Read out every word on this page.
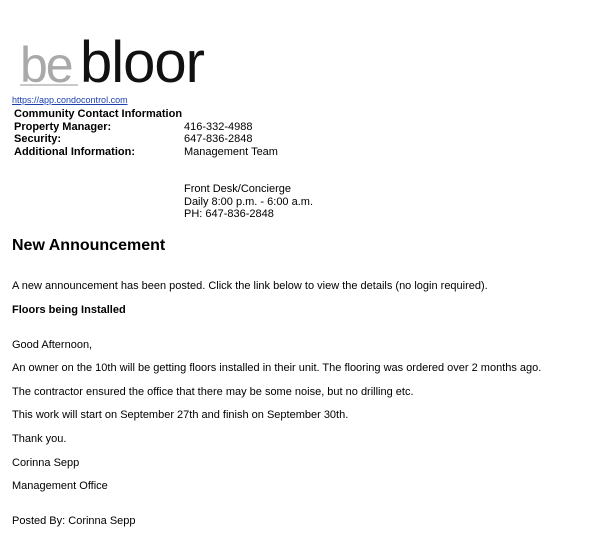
be bloor
https://app.condocontrol.com
Community Contact Information
Property Manager:	416-332-4988
Security:	647-836-2848
Additional Information:	Management Team
Front Desk/Concierge
Daily 8:00 p.m. - 6:00 a.m.
PH: 647-836-2848
New Announcement

A new announcement has been posted. Click the link below to view the details (no login required).

Floors being Installed

Good Afternoon,

An owner on the 10th will be getting floors installed in their unit. The flooring was ordered over 2 months ago.

The contractor ensured the office that there may be some noise, but no drilling etc.

This work will start on September 27th and finish on September 30th.

Thank you.

Corinna Sepp

Management Office

Posted By: Corinna Sepp
